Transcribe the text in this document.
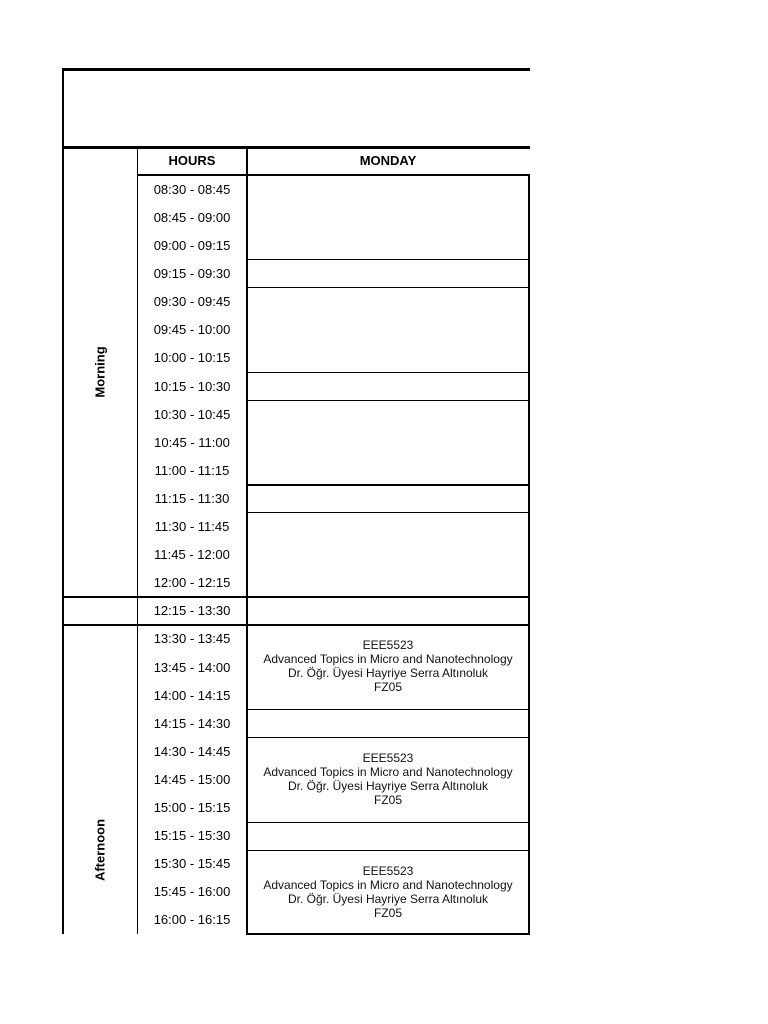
HOURS	MONDAY
Morning
Afternoon
08:30 - 08:45
08:45 - 09:00
09:00 - 09:15
09:15 - 09:30
09:30 - 09:45
09:45 - 10:00
10:00 - 10:15
10:15 - 10:30
10:30 - 10:45
10:45 - 11:00
11:00 - 11:15
11:15 - 11:30
11:30 - 11:45
11:45 - 12:00
12:00 - 12:15
12:15 - 13:30
13:30 - 13:45
13:45 - 14:00
14:00 - 14:15
14:15 - 14:30
14:30 - 14:45
14:45 - 15:00
15:00 - 15:15
15:15 - 15:30
15:30 - 15:45
15:45 - 16:00
16:00 - 16:15
EEE5523
Advanced Topics in Micro and Nanotechnology
Dr. Öğr. Üyesi Hayriye Serra Altınoluk
FZ05
EEE5523
Advanced Topics in Micro and Nanotechnology
Dr. Öğr. Üyesi Hayriye Serra Altınoluk
FZ05
EEE5523
Advanced Topics in Micro and Nanotechnology
Dr. Öğr. Üyesi Hayriye Serra Altınoluk
FZ05
